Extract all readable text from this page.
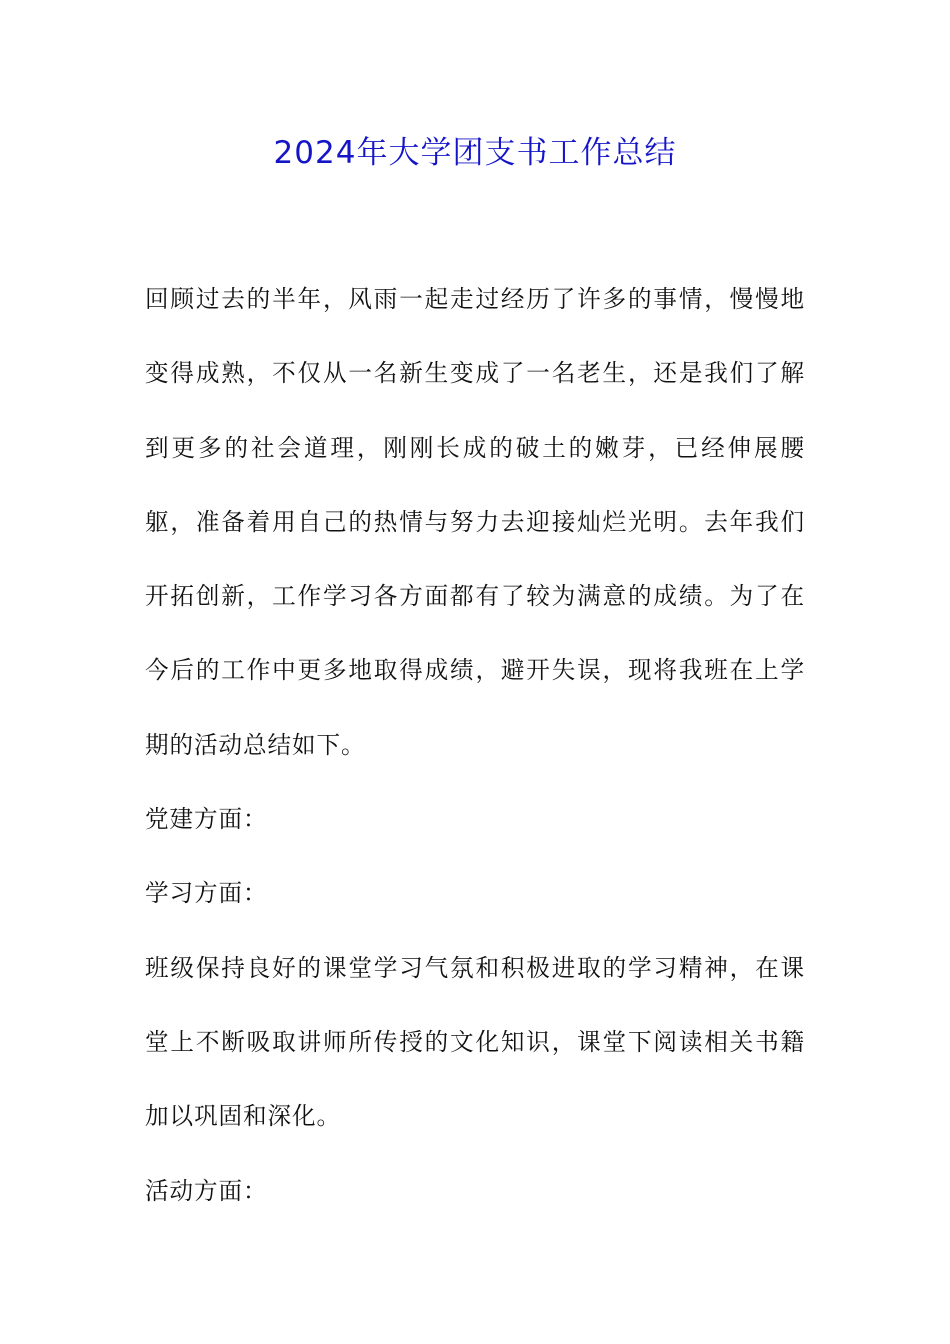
2024年大学团支书工作总结

回顾过去的半年，风雨一起走过经历了许多的事情，慢慢地变得成熟，不仅从一名新生变成了一名老生，还是我们了解到更多的社会道理，刚刚长成的破土的嫩芽，已经伸展腰躯，准备着用自己的热情与努力去迎接灿烂光明。去年我们开拓创新，工作学习各方面都有了较为满意的成绩。为了在今后的工作中更多地取得成绩，避开失误，现将我班在上学期的活动总结如下。

党建方面：

学习方面：

班级保持良好的课堂学习气氛和积极进取的学习精神，在课堂上不断吸取讲师所传授的文化知识，课堂下阅读相关书籍加以巩固和深化。

活动方面：
